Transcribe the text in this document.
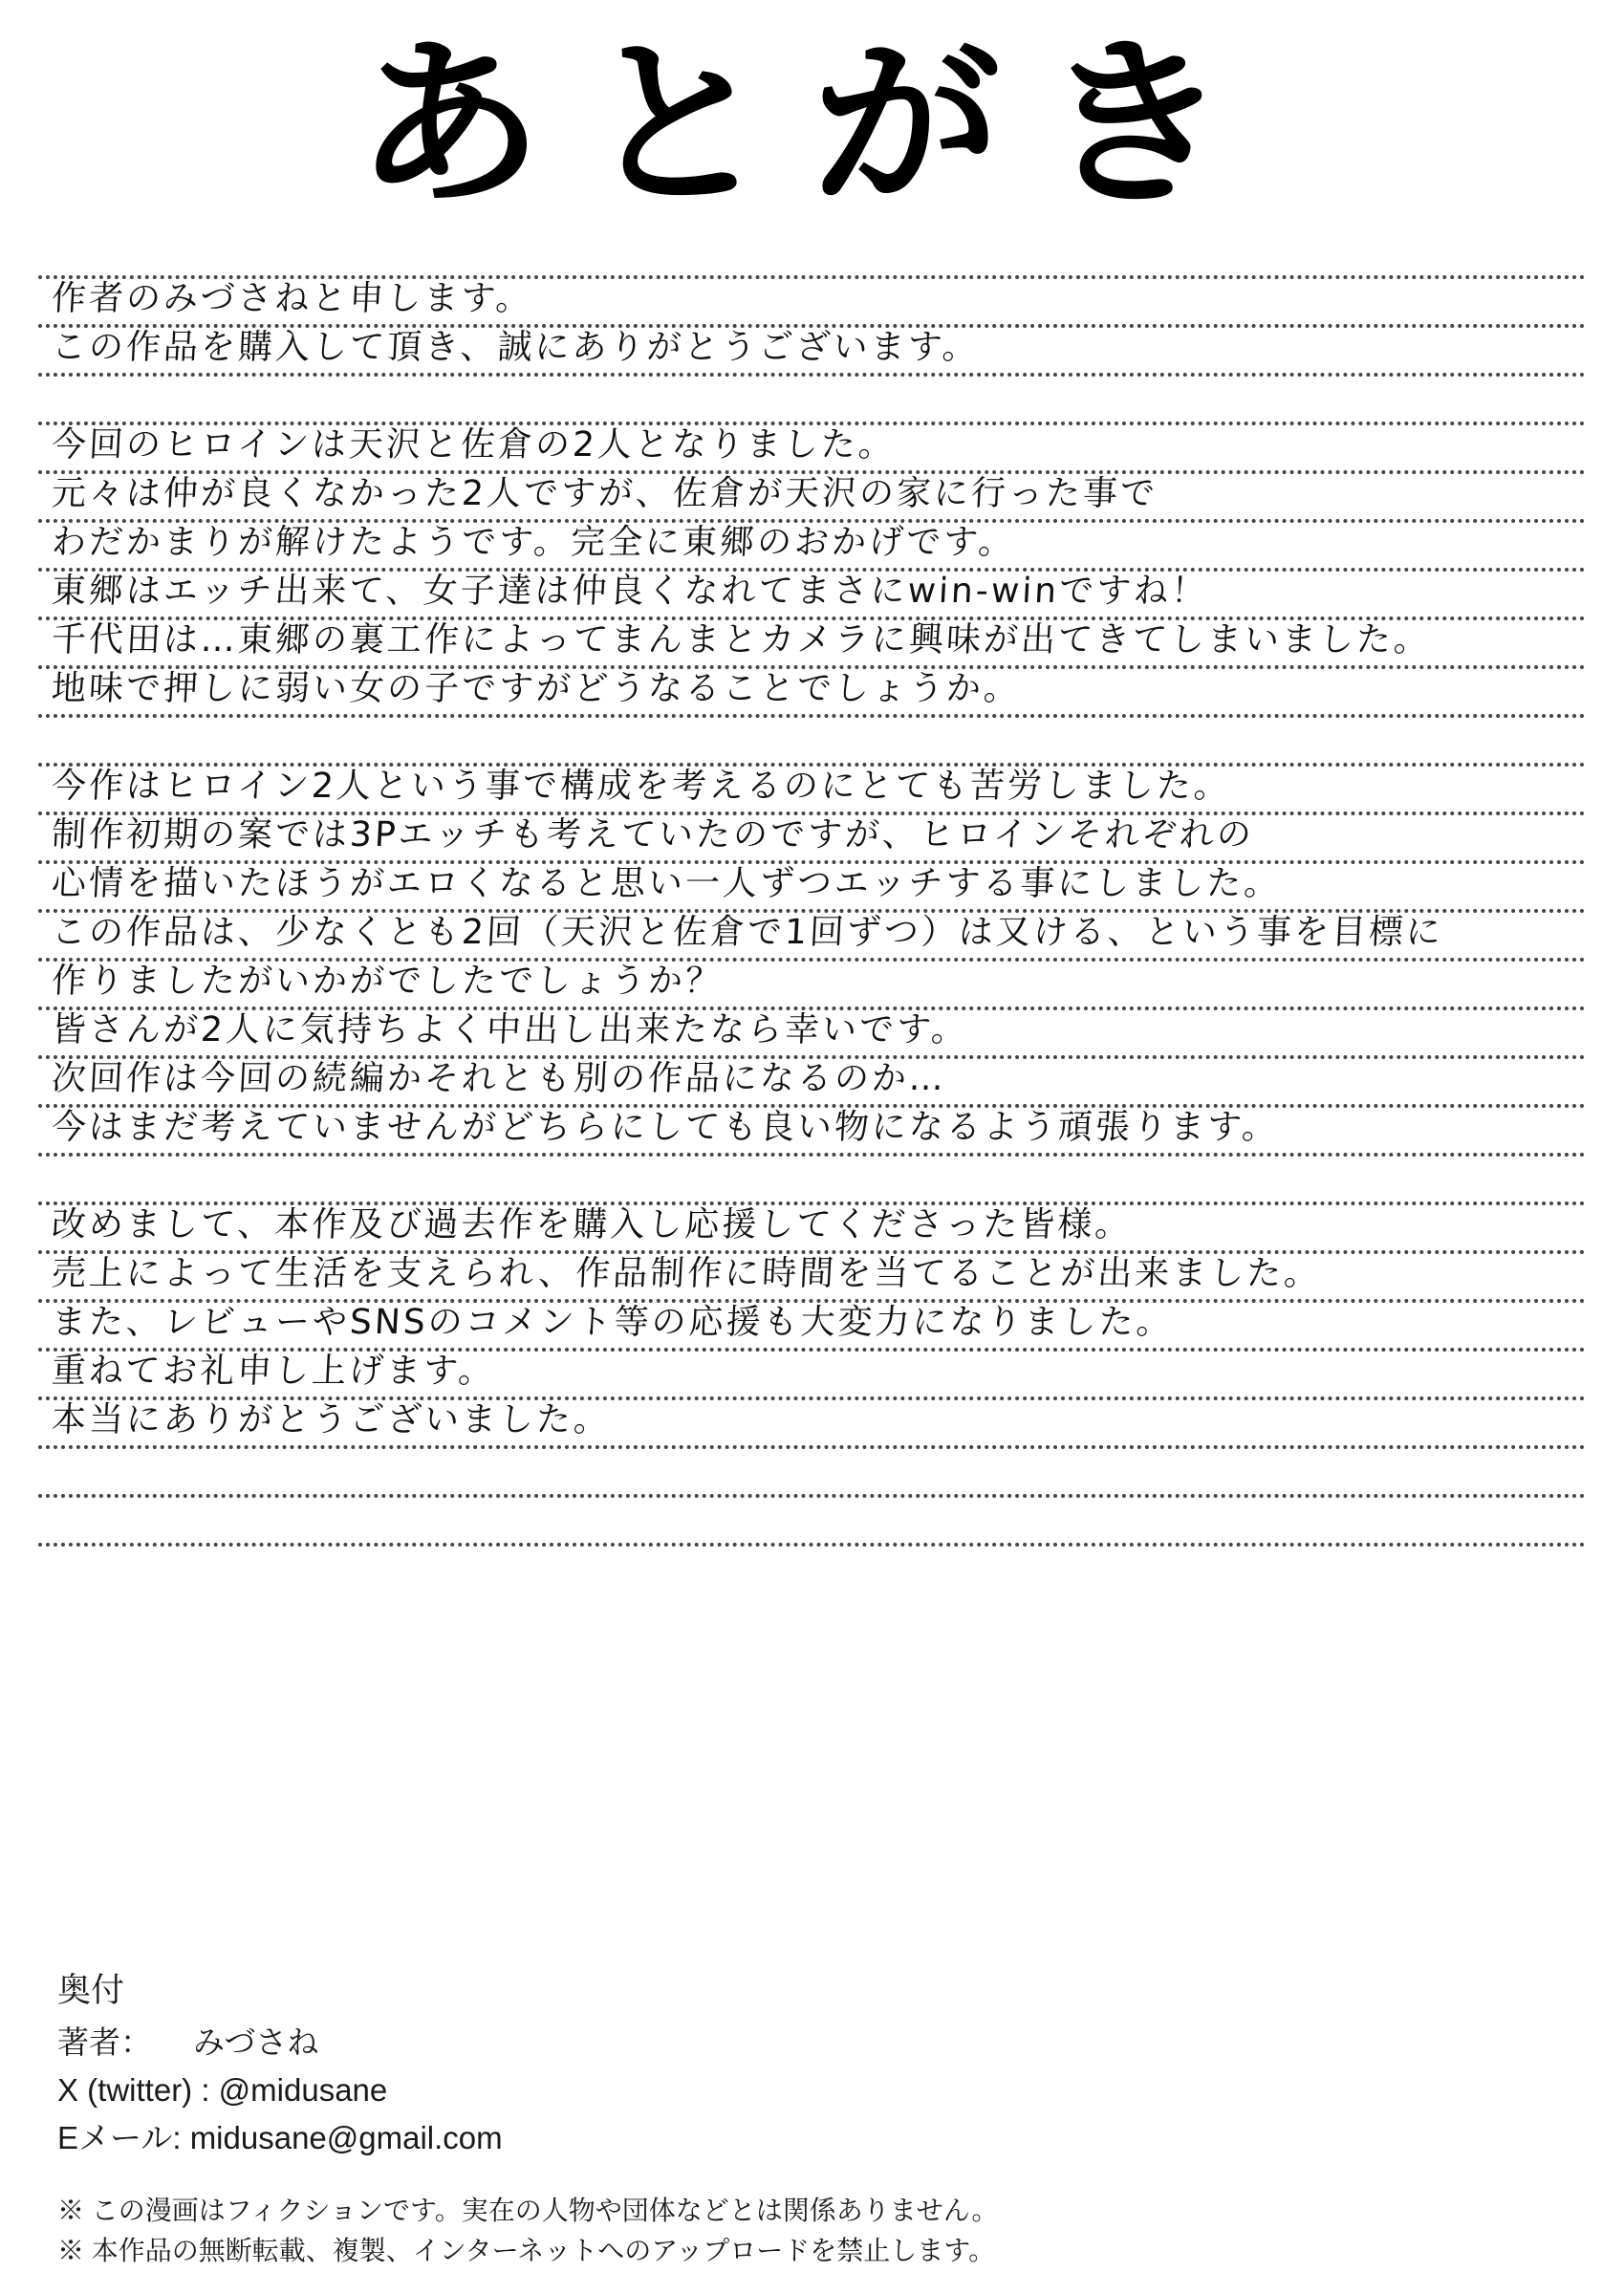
あとがき
作者のみづさねと申します。
この作品を購入して頂き、誠にありがとうございます。
今回のヒロインは天沢と佐倉の2人となりました。
元々は仲が良くなかった2人ですが、佐倉が天沢の家に行った事で
わだかまりが解けたようです。完全に東郷のおかげです。
東郷はエッチ出来て、女子達は仲良くなれてまさにwin-winですね！
千代田は…東郷の裏工作によってまんまとカメラに興味が出てきてしまいました。
地味で押しに弱い女の子ですがどうなることでしょうか。
今作はヒロイン2人という事で構成を考えるのにとても苦労しました。
制作初期の案では3Pエッチも考えていたのですが、ヒロインそれぞれの
心情を描いたほうがエロくなると思い一人ずつエッチする事にしました。
この作品は、少なくとも2回（天沢と佐倉で1回ずつ）は又ける、という事を目標に
作りましたがいかがでしたでしょうか？
皆さんが2人に気持ちよく中出し出来たなら幸いです。
次回作は今回の続編かそれとも別の作品になるのか…
今はまだ考えていませんがどちらにしても良い物になるよう頑張ります。
改めまして、本作及び過去作を購入し応援してくださった皆様。
売上によって生活を支えられ、作品制作に時間を当てることが出来ました。
また、レビューやSNSのコメント等の応援も大変力になりました。
重ねてお礼申し上げます。
本当にありがとうございました。
奥付
著者： みづさね
X (twitter) : @midusane
Eメール: midusane@gmail.com
※ この漫画はフィクションです。実在の人物や団体などとは関係ありません。
※ 本作品の無断転載、複製、インターネットへのアップロードを禁止します。
